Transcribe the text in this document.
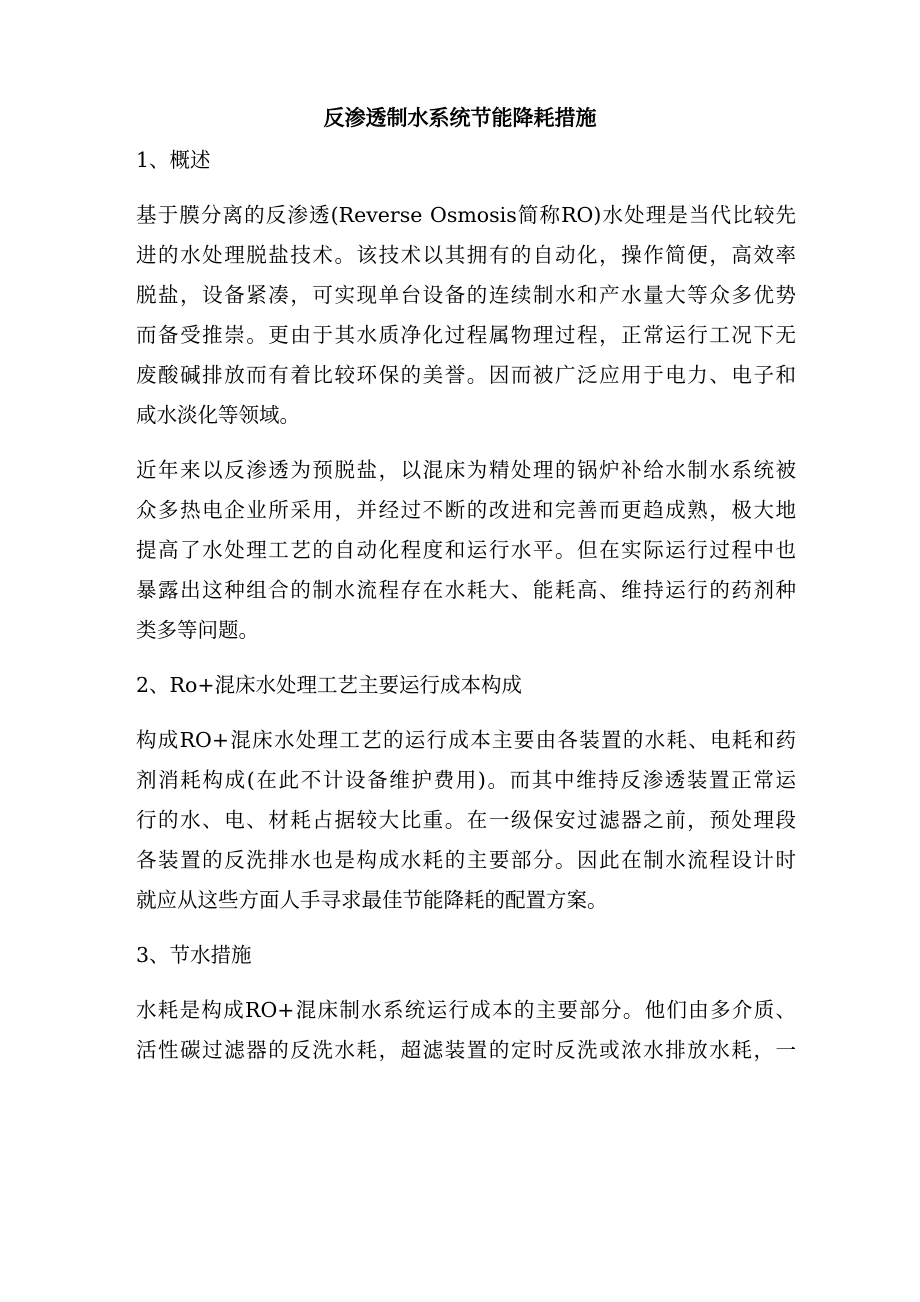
反渗透制水系统节能降耗措施
1、概述
基于膜分离的反渗透(Reverse Osmosis简称RO)水处理是当代比较先
进的水处理脱盐技术。该技术以其拥有的自动化，操作简便，高效率
脱盐，设备紧凑，可实现单台设备的连续制水和产水量大等众多优势
而备受推崇。更由于其水质净化过程属物理过程，正常运行工况下无
废酸碱排放而有着比较环保的美誉。因而被广泛应用于电力、电子和
咸水淡化等领域。
近年来以反渗透为预脱盐，以混床为精处理的锅炉补给水制水系统被
众多热电企业所采用，并经过不断的改进和完善而更趋成熟，极大地
提高了水处理工艺的自动化程度和运行水平。但在实际运行过程中也
暴露出这种组合的制水流程存在水耗大、能耗高、维持运行的药剂种
类多等问题。
2、Ro+混床水处理工艺主要运行成本构成
构成RO+混床水处理工艺的运行成本主要由各装置的水耗、电耗和药
剂消耗构成(在此不计设备维护费用)。而其中维持反渗透装置正常运
行的水、电、材耗占据较大比重。在一级保安过滤器之前，预处理段
各装置的反洗排水也是构成水耗的主要部分。因此在制水流程设计时
就应从这些方面人手寻求最佳节能降耗的配置方案。
3、节水措施
水耗是构成RO+混床制水系统运行成本的主要部分。他们由多介质、
活性碳过滤器的反洗水耗，超滤装置的定时反洗或浓水排放水耗，一
